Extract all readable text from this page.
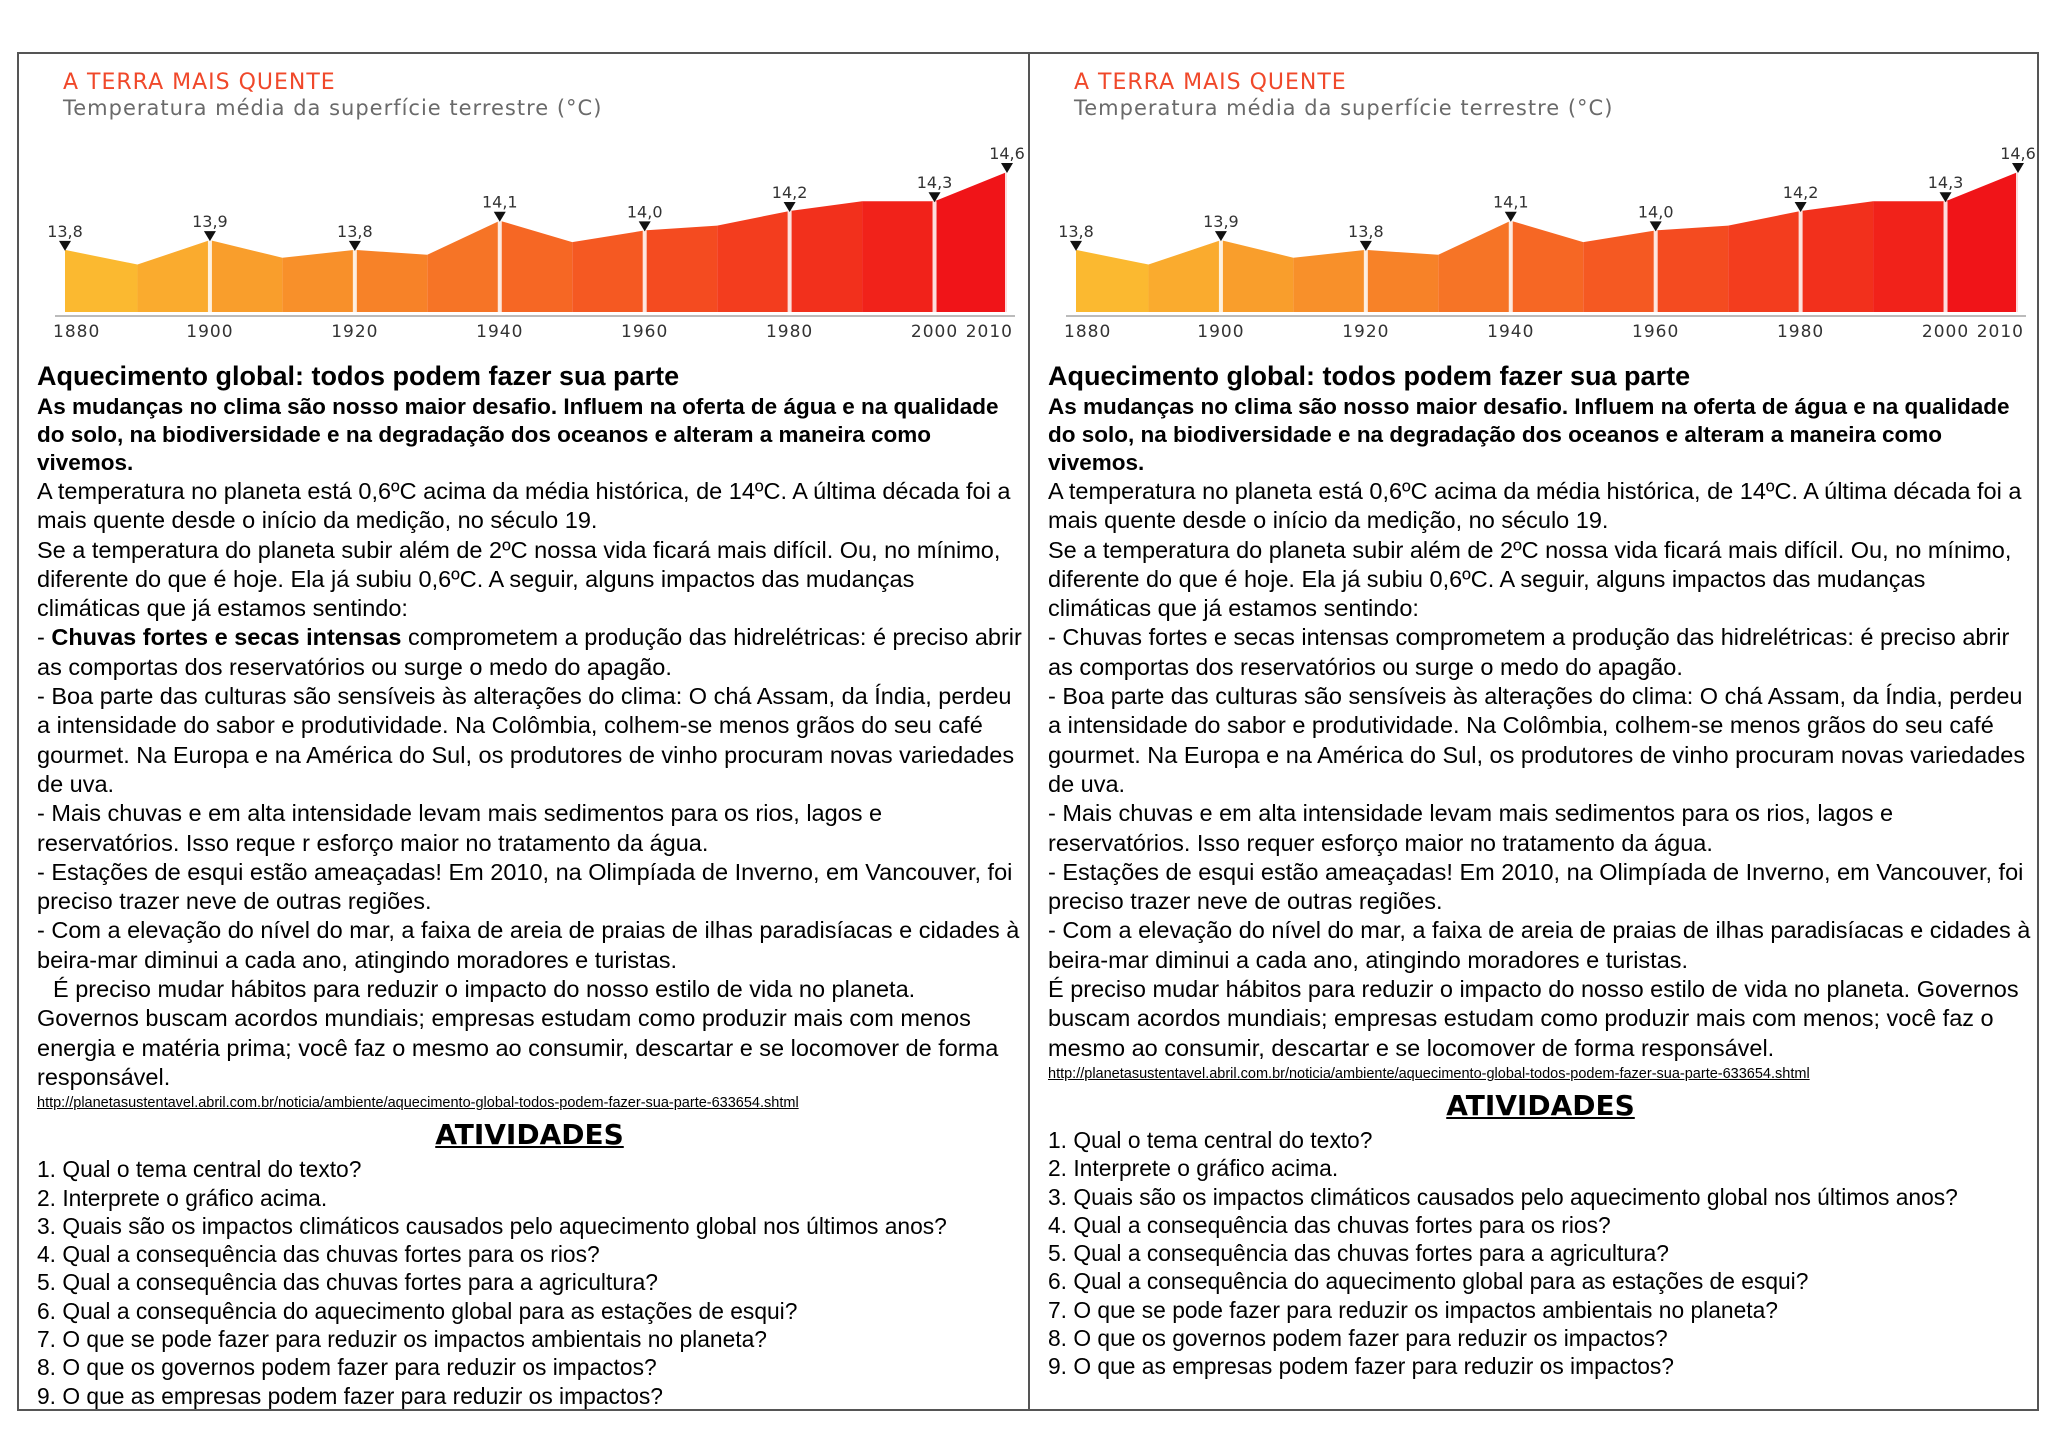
13,8
13,9
13,8
14,1
14,0
14,2
14,3
14,6
1880	1900	1920	1940	1960	1980	2000 2010
A TERRA MAIS QUENTE
Temperatura média da superfície terrestre (°C)

Aquecimento global: todos podem fazer sua parte

As mudanças no clima são nosso maior desafio. Influem na oferta de água e na qualidade do solo, na biodiversidade e na degradação dos oceanos e alteram a maneira como vivemos.

A temperatura no planeta está 0,6ºC acima da média histórica, de 14ºC. A última década foi a mais quente desde o início da medição, no século 19.

Se a temperatura do planeta subir além de 2ºC nossa vida ficará mais difícil. Ou, no mínimo, diferente do que é hoje. Ela já subiu 0,6ºC. A seguir, alguns impactos das mudanças climáticas que já estamos sentindo:

- Chuvas fortes e secas intensas comprometem a produção das hidrelétricas: é preciso abrir as comportas dos reservatórios ou surge o medo do apagão.

- Boa parte das culturas são sensíveis às alterações do clima: O chá Assam, da Índia, perdeu a intensidade do sabor e produtividade. Na Colômbia, colhem-se menos grãos do seu café gourmet. Na Europa e na América do Sul, os produtores de vinho procuram novas variedades de uva.

- Mais chuvas e em alta intensidade levam mais sedimentos para os rios, lagos e reservatórios. Isso reque r esforço maior no tratamento da água.

- Estações de esqui estão ameaçadas! Em 2010, na Olimpíada de Inverno, em Vancouver, foi preciso trazer neve de outras regiões.

- Com a elevação do nível do mar, a faixa de areia de praias de ilhas paradisíacas e cidades à beira-mar diminui a cada ano, atingindo moradores e turistas.

É preciso mudar hábitos para reduzir o impacto do nosso estilo de vida no planeta. Governos buscam acordos mundiais; empresas estudam como produzir mais com menos energia e matéria prima; você faz o mesmo ao consumir, descartar e se locomover de forma responsável.

http://planetasustentavel.abril.com.br/noticia/ambiente/aquecimento-global-todos-podem-fazer-sua-parte-633654.shtml

ATIVIDADES

1. Qual o tema central do texto?

2. Interprete o gráfico acima.

3. Quais são os impactos climáticos causados pelo aquecimento global nos últimos anos?

4. Qual a consequência das chuvas fortes para os rios?

5. Qual a consequência das chuvas fortes para a agricultura?

6. Qual a consequência do aquecimento global para as estações de esqui?

7. O que se pode fazer para reduzir os impactos ambientais no planeta?

8. O que os governos podem fazer para reduzir os impactos?

9. O que as empresas podem fazer para reduzir os impactos?

13,8
13,9
13,8
14,1
14,0
14,2
14,3
14,6
1880	1900	1920	1940	1960	1980	2000 2010
A TERRA MAIS QUENTE
Temperatura média da superfície terrestre (°C)

Aquecimento global: todos podem fazer sua parte

As mudanças no clima são nosso maior desafio. Influem na oferta de água e na qualidade do solo, na biodiversidade e na degradação dos oceanos e alteram a maneira como vivemos.

A temperatura no planeta está 0,6ºC acima da média histórica, de 14ºC. A última década foi a mais quente desde o início da medição, no século 19.

Se a temperatura do planeta subir além de 2ºC nossa vida ficará mais difícil. Ou, no mínimo, diferente do que é hoje. Ela já subiu 0,6ºC. A seguir, alguns impactos das mudanças climáticas que já estamos sentindo:

- Chuvas fortes e secas intensas comprometem a produção das hidrelétricas: é preciso abrir as comportas dos reservatórios ou surge o medo do apagão.

- Boa parte das culturas são sensíveis às alterações do clima: O chá Assam, da Índia, perdeu a intensidade do sabor e produtividade. Na Colômbia, colhem-se menos grãos do seu café gourmet. Na Europa e na América do Sul, os produtores de vinho procuram novas variedades de uva.

- Mais chuvas e em alta intensidade levam mais sedimentos para os rios, lagos e reservatórios. Isso requer esforço maior no tratamento da água.

- Estações de esqui estão ameaçadas! Em 2010, na Olimpíada de Inverno, em Vancouver, foi preciso trazer neve de outras regiões.

- Com a elevação do nível do mar, a faixa de areia de praias de ilhas paradisíacas e cidades à beira-mar diminui a cada ano, atingindo moradores e turistas.

É preciso mudar hábitos para reduzir o impacto do nosso estilo de vida no planeta. Governos buscam acordos mundiais; empresas estudam como produzir mais com menos; você faz o mesmo ao consumir, descartar e se locomover de forma responsável.

http://planetasustentavel.abril.com.br/noticia/ambiente/aquecimento-global-todos-podem-fazer-sua-parte-633654.shtml

ATIVIDADES

1. Qual o tema central do texto?

2. Interprete o gráfico acima.

3. Quais são os impactos climáticos causados pelo aquecimento global nos últimos anos?

4. Qual a consequência das chuvas fortes para os rios?

5. Qual a consequência das chuvas fortes para a agricultura?

6. Qual a consequência do aquecimento global para as estações de esqui?

7. O que se pode fazer para reduzir os impactos ambientais no planeta?

8. O que os governos podem fazer para reduzir os impactos?

9. O que as empresas podem fazer para reduzir os impactos?
